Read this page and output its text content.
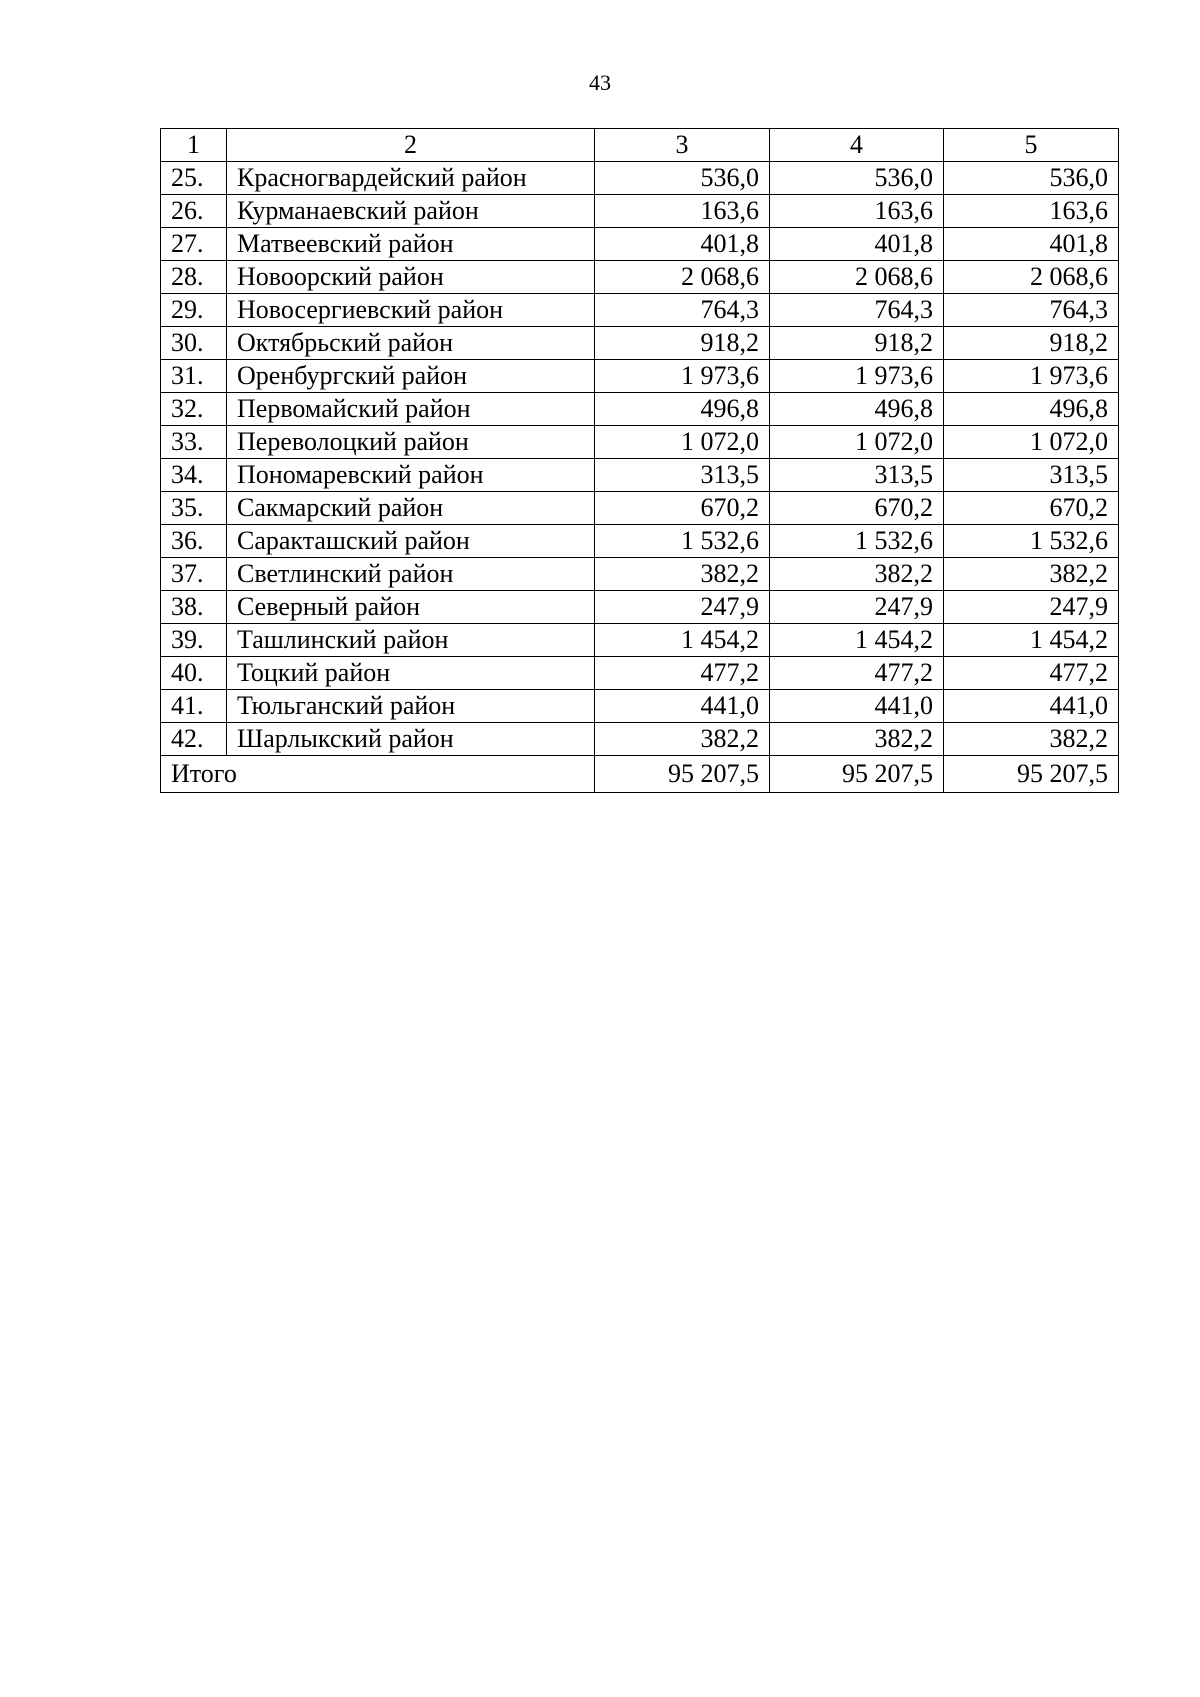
43
1	2	3	4	5
25.	Красногвардейский район	536,0	536,0	536,0
26.	Курманаевский район	163,6	163,6	163,6
27.	Матвеевский район	401,8	401,8	401,8
28.	Новоорский район	2 068,6	2 068,6	2 068,6
29.	Новосергиевский район	764,3	764,3	764,3
30.	Октябрьский район	918,2	918,2	918,2
31.	Оренбургский район	1 973,6	1 973,6	1 973,6
32.	Первомайский район	496,8	496,8	496,8
33.	Переволоцкий район	1 072,0	1 072,0	1 072,0
34.	Пономаревский район	313,5	313,5	313,5
35.	Сакмарский район	670,2	670,2	670,2
36.	Саракташский район	1 532,6	1 532,6	1 532,6
37.	Светлинский район	382,2	382,2	382,2
38.	Северный район	247,9	247,9	247,9
39.	Ташлинский район	1 454,2	1 454,2	1 454,2
40.	Тоцкий район	477,2	477,2	477,2
41.	Тюльганский район	441,0	441,0	441,0
42.	Шарлыкский район	382,2	382,2	382,2
Итого		95 207,5	95 207,5	95 207,5
